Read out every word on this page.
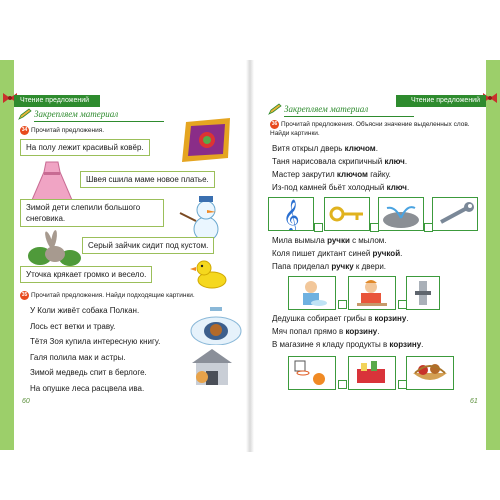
Чтение предложений
Закрепляем материал
34 Прочитай предложения.
На полу лежит красивый ковёр.
Швея сшила маме новое платье.
Зимой дети слепили большого снеговика.
Серый зайчик сидит под кустом.
Уточка крякает громко и весело.
35 Прочитай предложения. Найди подходящие картинки.
У Коли живёт собака Полкан.
Лось ест ветки и траву.
Тётя Зоя купила интересную книгу.
Галя полила мак и астры.
Зимой медведь спит в берлоге.
На опушке леса расцвела ива.
60
Чтение предложений
Закрепляем материал
36 Прочитай предложения. Объясни значение выделенных слов. Найди картинки.
Витя открыл дверь ключом.
Таня нарисовала скрипичный ключ.
Мастер закрутил ключом гайку.
Из-под камней бьёт холодный ключ.
𝄞
Мила вымыла ручки с мылом.
Коля пишет диктант синей ручкой.
Папа приделал ручку к двери.
Дедушка собирает грибы в корзину.
Мяч попал прямо в корзину.
В магазине я кладу продукты в корзину.
61
